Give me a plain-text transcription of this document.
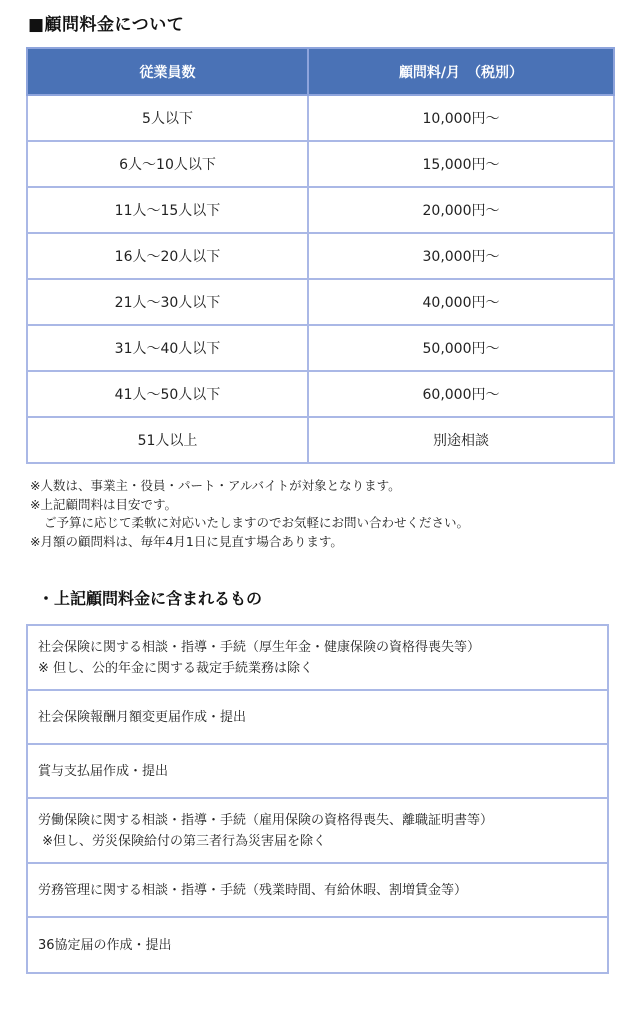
■顧問料金について
従業員数	顧問料/月　（税別）
5人以下	10,000円～
6人～10人以下	15,000円～
11人～15人以下	20,000円～
16人～20人以下	30,000円～
21人～30人以下	40,000円～
31人～40人以下	50,000円～
41人～50人以下	60,000円～
51人以上	別途相談
※人数は、事業主・役員・パート・アルバイトが対象となります。
※上記顧問料は目安です。
ご予算に応じて柔軟に対応いたしますのでお気軽にお問い合わせください。
※月額の顧問料は、毎年4月1日に見直す場合あります。
・上記顧問料金に含まれるもの
社会保険に関する相談・指導・手続（厚生年金・健康保険の資格得喪失等）
※ 但し、公的年金に関する裁定手続業務は除く
社会保険報酬月額変更届作成・提出
賞与支払届作成・提出
労働保険に関する相談・指導・手続（雇用保険の資格得喪失、離職証明書等）
※但し、労災保険給付の第三者行為災害届を除く
労務管理に関する相談・指導・手続（残業時間、有給休暇、割増賃金等）
36協定届の作成・提出
